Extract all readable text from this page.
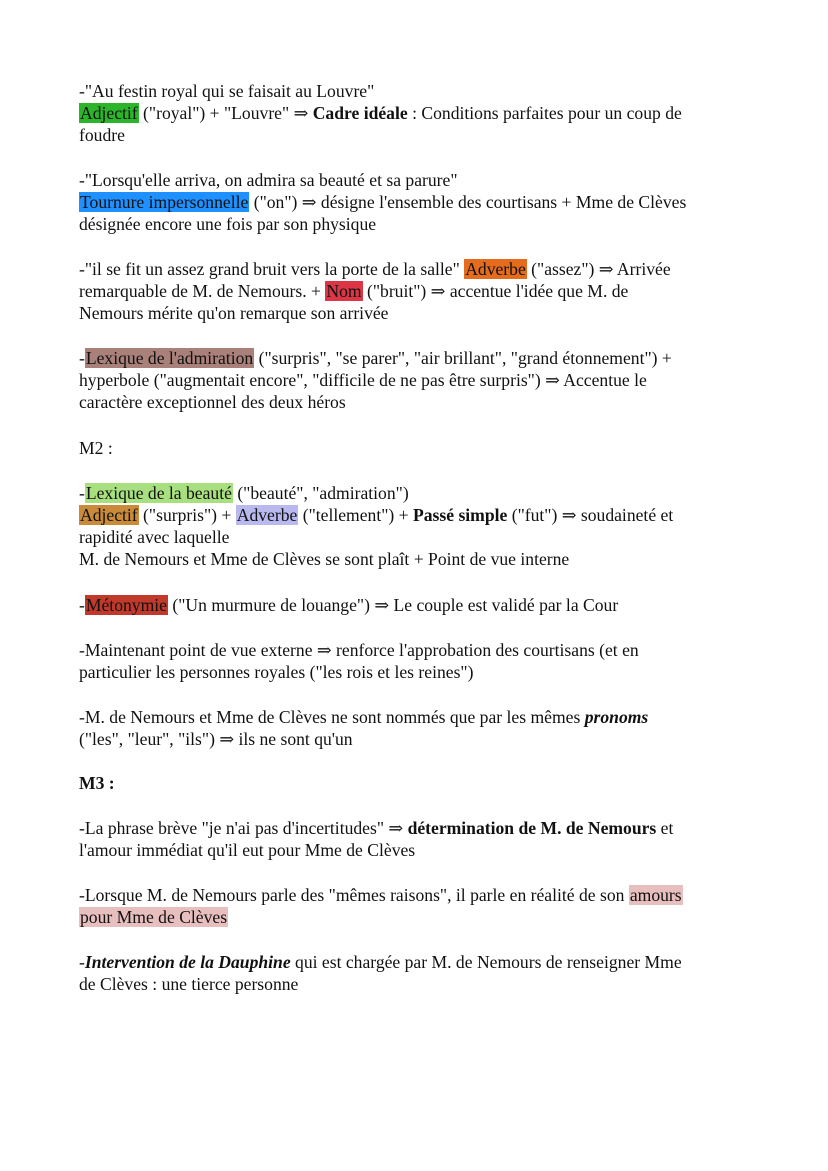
-"Au festin royal qui se faisait au Louvre"
Adjectif ("royal") + "Louvre" ⇒ Cadre idéale : Conditions parfaites pour un coup de
foudre
-"Lorsqu'elle arriva, on admira sa beauté et sa parure"
Tournure impersonnelle ("on") ⇒ désigne l'ensemble des courtisans + Mme de Clèves
désignée encore une fois par son physique
-"il se fit un assez grand bruit vers la porte de la salle" Adverbe ("assez") ⇒ Arrivée
remarquable de M. de Nemours. + Nom ("bruit") ⇒ accentue l'idée que M. de
Nemours mérite qu'on remarque son arrivée
-Lexique de l'admiration ("surpris", "se parer", "air brillant", "grand étonnement") +
hyperbole ("augmentait encore", "difficile de ne pas être surpris") ⇒ Accentue le
caractère exceptionnel des deux héros
M2 :
-Lexique de la beauté ("beauté", "admiration")
Adjectif ("surpris") + Adverbe ("tellement") + Passé simple ("fut") ⇒ soudaineté et
rapidité avec laquelle
M. de Nemours et Mme de Clèves se sont plaît + Point de vue interne
-Métonymie ("Un murmure de louange") ⇒ Le couple est validé par la Cour
-Maintenant point de vue externe ⇒ renforce l'approbation des courtisans (et en
particulier les personnes royales ("les rois et les reines")
-M. de Nemours et Mme de Clèves ne sont nommés que par les mêmes pronoms
("les", "leur", "ils") ⇒ ils ne sont qu'un
M3 :
-La phrase brève "je n'ai pas d'incertitudes" ⇒ détermination de M. de Nemours et
l'amour immédiat qu'il eut pour Mme de Clèves
-Lorsque M. de Nemours parle des "mêmes raisons", il parle en réalité de son amours
pour Mme de Clèves
-Intervention de la Dauphine qui est chargée par M. de Nemours de renseigner Mme
de Clèves : une tierce personne
